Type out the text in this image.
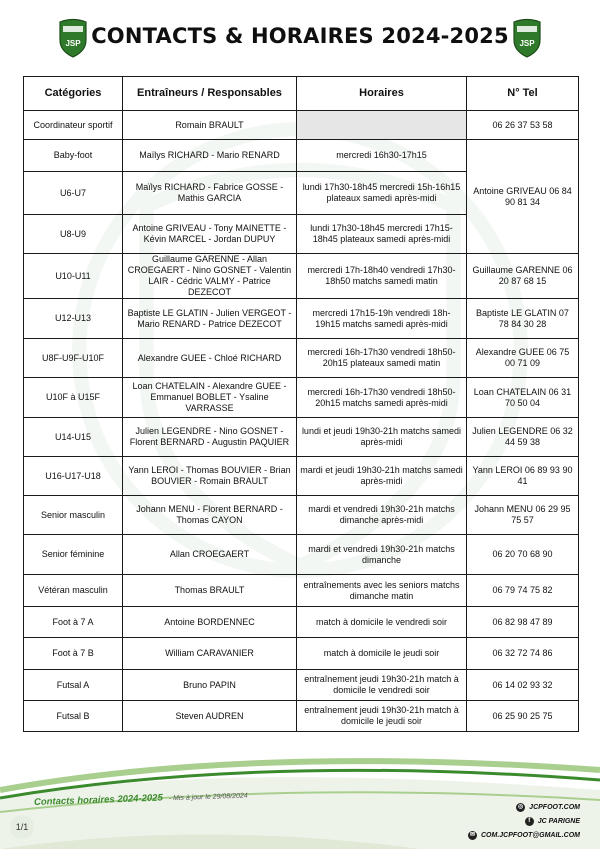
JSP CONTACTS & HORAIRES 2024-2025	JSP
Catégories	Entraîneurs / Responsables	Horaires	N° Tel
Coordinateur sportif	Romain BRAULT		06 26 37 53 58
Baby-foot	Maïlys RICHARD - Mario RENARD	mercredi 16h30-17h15	Antoine GRIVEAU 06 84 90 81 34
U6-U7	Maïlys RICHARD - Fabrice GOSSE - Mathis GARCIA	lundi 17h30-18h45 mercredi 15h-16h15 plateaux samedi après-midi	
U8-U9	Antoine GRIVEAU - Tony MAINETTE - Kévin MARCEL - Jordan DUPUY	lundi 17h30-18h45 mercredi 17h15-18h45 plateaux samedi après-midi	
U10-U11	Guillaume GARENNE - Allan CROEGAERT - Nino GOSNET - Valentin LAIR - Cédric VALMY - Patrice DEZECOT	mercredi 17h-18h40 vendredi 17h30-18h50 matchs samedi matin	Guillaume GARENNE 06 20 87 68 15
U12-U13	Baptiste LE GLATIN - Julien VERGEOT - Mario RENARD - Patrice DEZECOT	mercredi 17h15-19h vendredi 18h-19h15 matchs samedi après-midi	Baptiste LE GLATIN 07 78 84 30 28
U8F-U9F-U10F	Alexandre GUEE - Chloé RICHARD	mercredi 16h-17h30 vendredi 18h50-20h15 plateaux samedi matin	Alexandre GUEE 06 75 00 71 09
U10F à U15F	Loan CHATELAIN - Alexandre GUEE - Emmanuel BOBLET - Ysaline VARRASSE	mercredi 16h-17h30 vendredi 18h50-20h15 matchs samedi après-midi	Loan CHATELAIN 06 31 70 50 04
U14-U15	Julien LEGENDRE - Nino GOSNET - Florent BERNARD - Augustin PAQUIER	lundi et jeudi 19h30-21h matchs samedi après-midi	Julien LEGENDRE 06 32 44 59 38
U16-U17-U18	Yann LEROI - Thomas BOUVIER - Brian BOUVIER - Romain BRAULT	mardi et jeudi 19h30-21h matchs samedi après-midi	Yann LEROI 06 89 93 90 41
Senior masculin	Johann MENU - Florent BERNARD - Thomas CAYON	mardi et vendredi 19h30-21h matchs dimanche après-midi	Johann MENU 06 29 95 75 57
Senior féminine	Allan CROEGAERT	mardi et vendredi 19h30-21h matchs dimanche	06 20 70 68 90
Vétéran masculin	Thomas BRAULT	entraînements avec les seniors matchs dimanche matin	06 79 74 75 82
Foot à 7 A	Antoine BORDENNEC	match à domicile le vendredi soir	06 82 98 47 89
Foot à 7 B	William CARAVANIER	match à domicile le jeudi soir	06 32 72 74 86
Futsal A	Bruno PAPIN	entraînement jeudi 19h30-21h match à domicile le vendredi soir	06 14 02 93 32
Futsal B	Steven AUDREN	entraînement jeudi 19h30-21h match à domicile le jeudi soir	06 25 90 25 75
Contacts horaires 2024-2025 - Mis à jour le 29/08/2024
1/1
◎ JCPFOOT.COM
f	JC PARIGNE
✉ COM.JCPFOOT@GMAIL.COM
